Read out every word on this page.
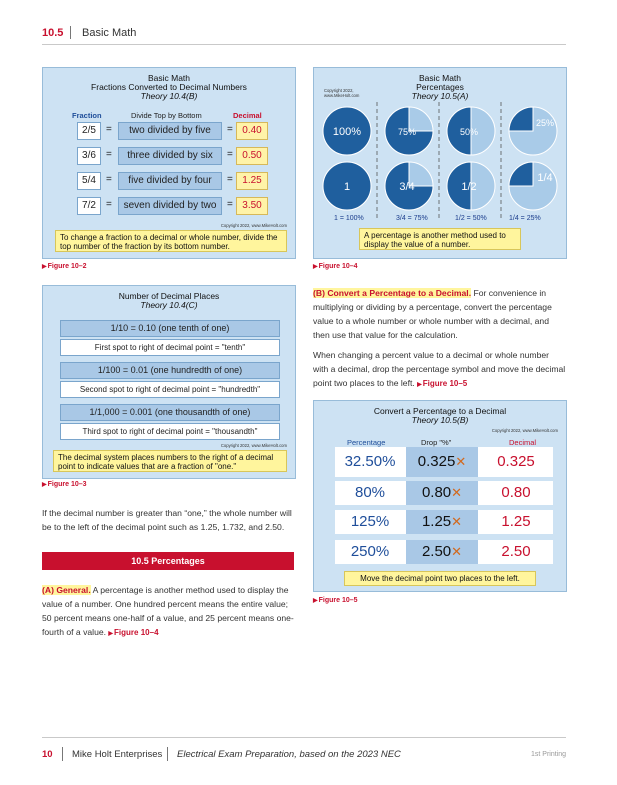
10.5 Basic Math
Basic Math
Fractions Converted to Decimal Numbers
Theory 10.4(B)
Fraction	Divide Top by Bottom	Decimal
2/5	=	two divided by five	= 0.40
3/6	=	three divided by six	= 0.50
5/4	=	five divided by four	= 1.25
7/2	=	seven divided by two	= 3.50
Copyright 2022, www.MikeHolt.com
To change a fraction to a decimal or whole number, divide the top number of the fraction by its bottom number.
▶ Figure 10–2
Number of Decimal Places
Theory 10.4(C)
1/10 = 0.10 (one tenth of one)
First spot to right of decimal point = "tenth"
1/100 = 0.01 (one hundredth of one)
Second spot to right of decimal point = "hundredth"
1/1,000 = 0.001 (one thousandth of one)
Third spot to right of decimal point = "thousandth"
Copyright 2022, www.MikeHolt.com
The decimal system places numbers to the right of a decimal point to indicate values that are a fraction of "one."
▶ Figure 10–3
Basic Math
Percentages
Theory 10.5(A)
Copyright 2022,
www.MikeHolt.com
100%	75%	50%
25%
1	3/4	1/2
1/4
1 = 100%	3/4 = 75%	1/2 = 50%	1/4 = 25%
A percentage is another method used to display the value of a number.
▶ Figure 10–4
(B) Convert a Percentage to a Decimal. For convenience in multiplying or dividing by a percentage, convert the percentage value to a whole number or whole number with a decimal, and then use that value for the calculation.
When changing a percent value to a decimal or whole number with a decimal, drop the percentage symbol and move the decimal point two places to the left. ▶ Figure 10–5
Convert a Percentage to a Decimal
Theory 10.5(B)
Copyright 2022, www.MikeHolt.com
Percentage	Drop "%"	Decimal
32.50%	0.325✕	0.325
80%	0.80✕	0.80
125%	1.25✕	1.25
250%	2.50✕	2.50
Move the decimal point two places to the left.
▶ Figure 10–5
If the decimal number is greater than “one,” the whole number will be to the left of the decimal point such as 1.25, 1.732, and 2.50.
10.5 Percentages
(A) General. A percentage is another method used to display the value of a number. One hundred percent means the entire value; 50 percent means one-half of a value, and 25 percent means one-fourth of a value. ▶ Figure 10–4
10 Mike Holt Enterprises Electrical Exam Preparation, based on the 2023 NEC	1st Printing
